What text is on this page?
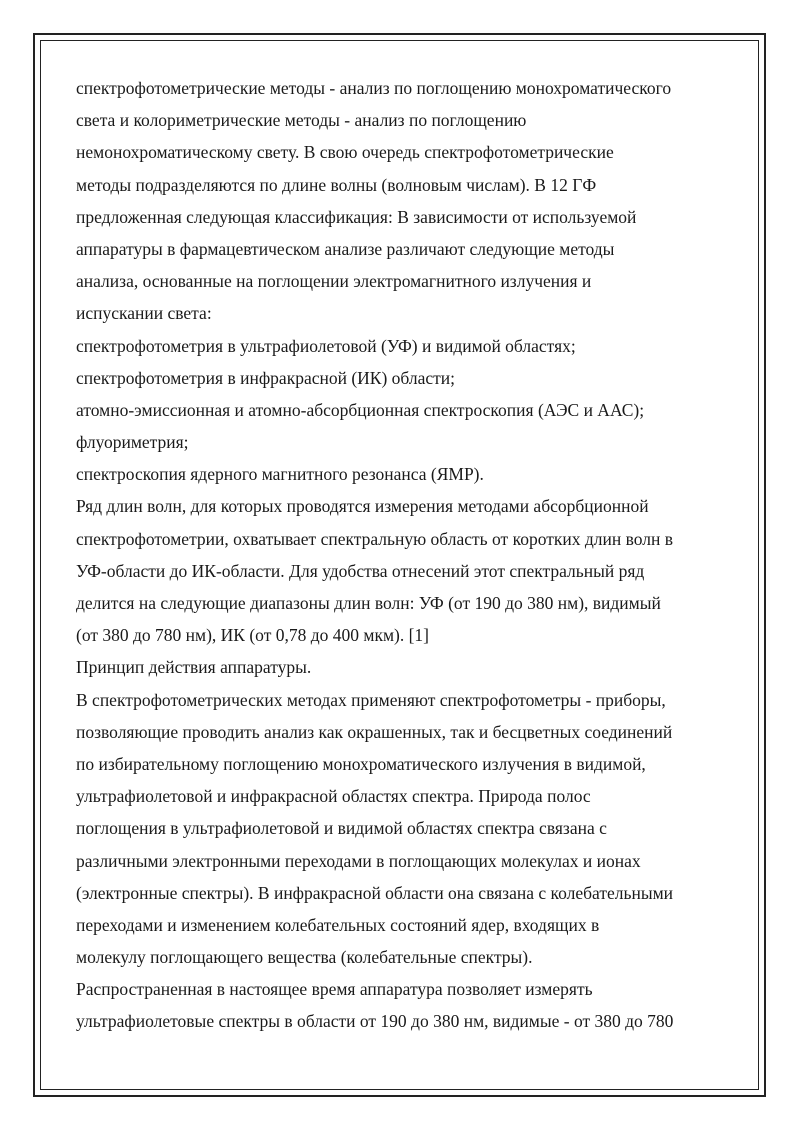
спектрофотометрические методы - анализ по поглощению монохроматического
света и колориметрические методы - анализ по поглощению
немонохроматическому свету. В свою очередь спектрофотометрические
методы подразделяются по длине волны (волновым числам). В 12 ГФ
предложенная следующая классификация: В зависимости от используемой
аппаратуры в фармацевтическом анализе различают следующие методы
анализа, основанные на поглощении электромагнитного излучения и
испускании света:
спектрофотометрия в ультрафиолетовой (УФ) и видимой областях;
спектрофотометрия в инфракрасной (ИК) области;
атомно-эмиссионная и атомно-абсорбционная спектроскопия (АЭС и ААС);
флуориметрия;
спектроскопия ядерного магнитного резонанса (ЯМР).
Ряд длин волн, для которых проводятся измерения методами абсорбционной
спектрофотометрии, охватывает спектральную область от коротких длин волн в
УФ-области до ИК-области. Для удобства отнесений этот спектральный ряд
делится на следующие диапазоны длин волн: УФ (от 190 до 380 нм), видимый
(от 380 до 780 нм), ИК (от 0,78 до 400 мкм). [1]
Принцип действия аппаратуры.
В спектрофотометрических методах применяют спектрофотометры - приборы,
позволяющие проводить анализ как окрашенных, так и бесцветных соединений
по избирательному поглощению монохроматического излучения в видимой,
ультрафиолетовой и инфракрасной областях спектра. Природа полос
поглощения в ультрафиолетовой и видимой областях спектра связана с
различными электронными переходами в поглощающих молекулах и ионах
(электронные спектры). В инфракрасной области она связана с колебательными
переходами и изменением колебательных состояний ядер, входящих в
молекулу поглощающего вещества (колебательные спектры).
Распространенная в настоящее время аппаратура позволяет измерять
ультрафиолетовые спектры в области от 190 до 380 нм, видимые - от 380 до 780
